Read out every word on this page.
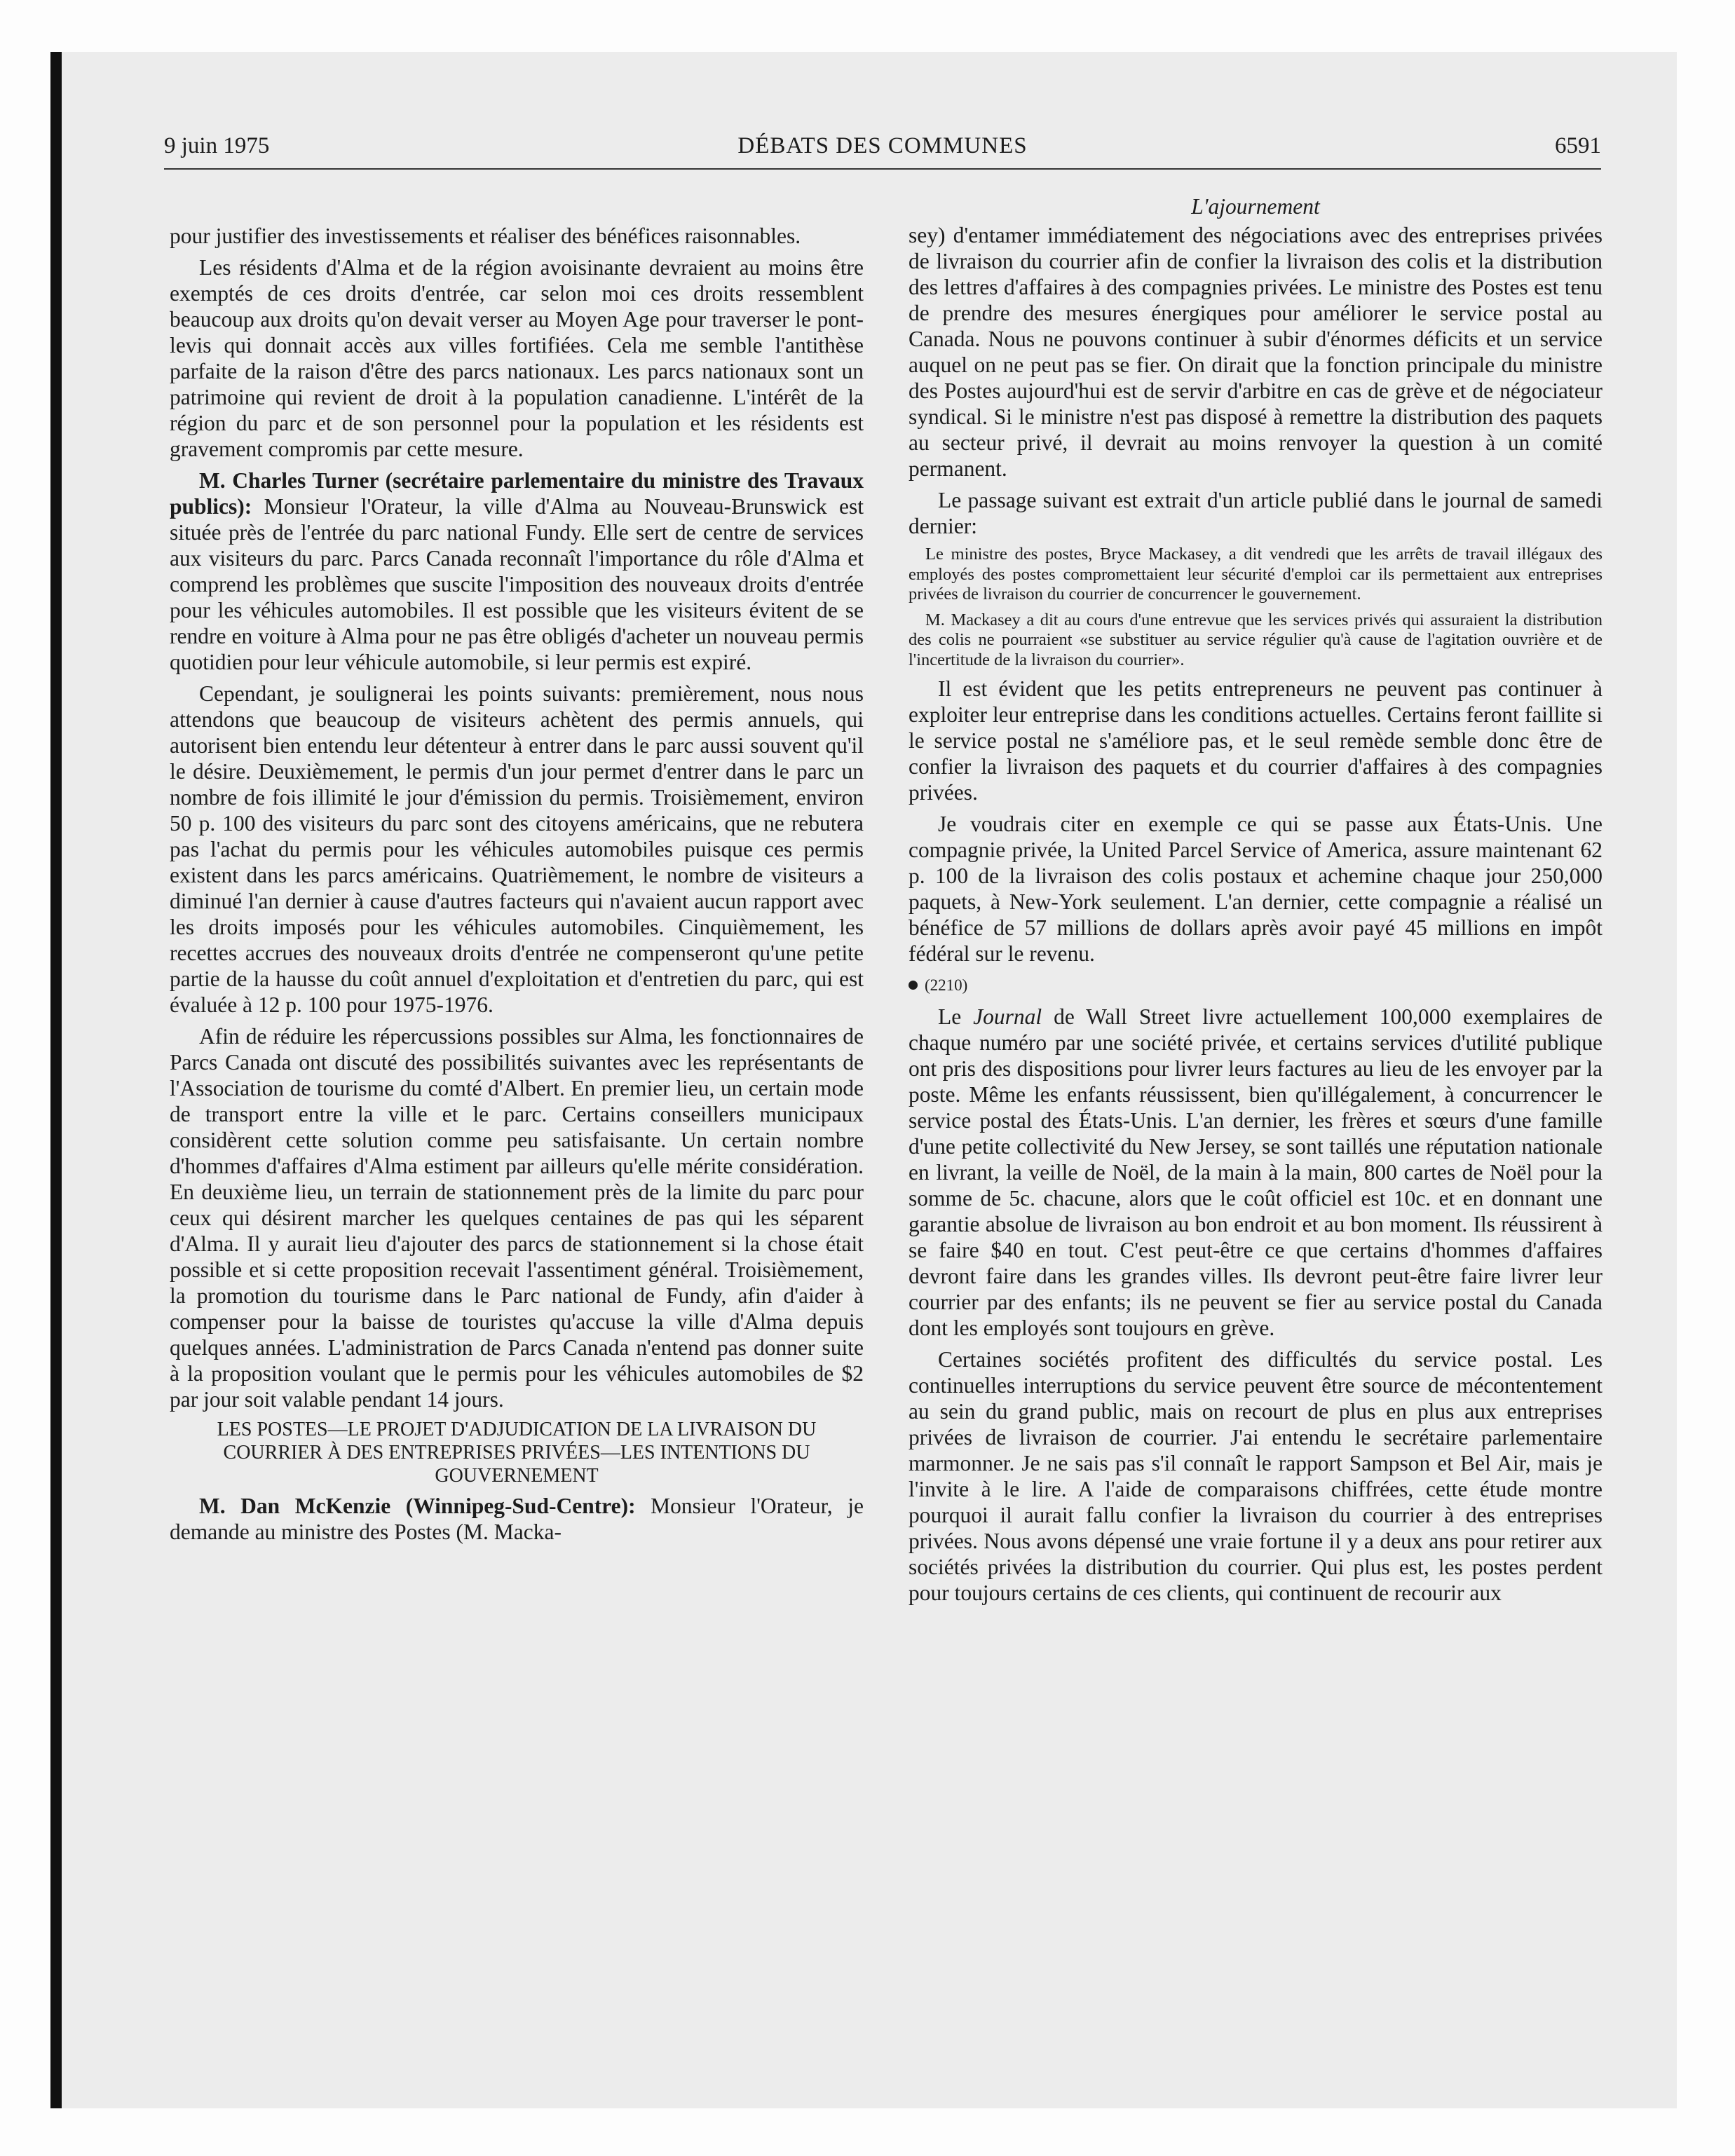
9 juin 1975	DÉBATS DES COMMUNES	6591

pour justifier des investissements et réaliser des bénéfices raisonnables.

Les résidents d'Alma et de la région avoisinante devraient au moins être exemptés de ces droits d'entrée, car selon moi ces droits ressemblent beaucoup aux droits qu'on devait verser au Moyen Age pour traverser le pont-levis qui donnait accès aux villes fortifiées. Cela me semble l'antithèse parfaite de la raison d'être des parcs nationaux. Les parcs nationaux sont un patrimoine qui revient de droit à la population canadienne. L'intérêt de la région du parc et de son personnel pour la population et les résidents est gravement compromis par cette mesure.

M. Charles Turner (secrétaire parlementaire du ministre des Travaux publics): Monsieur l'Orateur, la ville d'Alma au Nouveau-Brunswick est située près de l'entrée du parc national Fundy. Elle sert de centre de services aux visiteurs du parc. Parcs Canada reconnaît l'importance du rôle d'Alma et comprend les problèmes que suscite l'imposition des nouveaux droits d'entrée pour les véhicules automobiles. Il est possible que les visiteurs évitent de se rendre en voiture à Alma pour ne pas être obligés d'acheter un nouveau permis quotidien pour leur véhicule automobile, si leur permis est expiré.

Cependant, je soulignerai les points suivants: premièrement, nous nous attendons que beaucoup de visiteurs achètent des permis annuels, qui autorisent bien entendu leur détenteur à entrer dans le parc aussi souvent qu'il le désire. Deuxièmement, le permis d'un jour permet d'entrer dans le parc un nombre de fois illimité le jour d'émission du permis. Troisièmement, environ 50 p. 100 des visiteurs du parc sont des citoyens américains, que ne rebutera pas l'achat du permis pour les véhicules automobiles puisque ces permis existent dans les parcs américains. Quatrièmement, le nombre de visiteurs a diminué l'an dernier à cause d'autres facteurs qui n'avaient aucun rapport avec les droits imposés pour les véhicules automobiles. Cinquièmement, les recettes accrues des nouveaux droits d'entrée ne compenseront qu'une petite partie de la hausse du coût annuel d'exploitation et d'entretien du parc, qui est évaluée à 12 p. 100 pour 1975-1976.

Afin de réduire les répercussions possibles sur Alma, les fonctionnaires de Parcs Canada ont discuté des possibilités suivantes avec les représentants de l'Association de tourisme du comté d'Albert. En premier lieu, un certain mode de transport entre la ville et le parc. Certains conseillers municipaux considèrent cette solution comme peu satisfaisante. Un certain nombre d'hommes d'affaires d'Alma estiment par ailleurs qu'elle mérite considération. En deuxième lieu, un terrain de stationnement près de la limite du parc pour ceux qui désirent marcher les quelques centaines de pas qui les séparent d'Alma. Il y aurait lieu d'ajouter des parcs de stationnement si la chose était possible et si cette proposition recevait l'assentiment général. Troisièmement, la promotion du tourisme dans le Parc national de Fundy, afin d'aider à compenser pour la baisse de touristes qu'accuse la ville d'Alma depuis quelques années. L'administration de Parcs Canada n'entend pas donner suite à la proposition voulant que le permis pour les véhicules automobiles de $2 par jour soit valable pendant 14 jours.

LES POSTES—LE PROJET D'ADJUDICATION DE LA LIVRAISON DU COURRIER À DES ENTREPRISES PRIVÉES—LES INTENTIONS DU GOUVERNEMENT

M. Dan McKenzie (Winnipeg-Sud-Centre): Monsieur l'Orateur, je demande au ministre des Postes (M. Macka-

L'ajournement

sey) d'entamer immédiatement des négociations avec des entreprises privées de livraison du courrier afin de confier la livraison des colis et la distribution des lettres d'affaires à des compagnies privées. Le ministre des Postes est tenu de prendre des mesures énergiques pour améliorer le service postal au Canada. Nous ne pouvons continuer à subir d'énormes déficits et un service auquel on ne peut pas se fier. On dirait que la fonction principale du ministre des Postes aujourd'hui est de servir d'arbitre en cas de grève et de négociateur syndical. Si le ministre n'est pas disposé à remettre la distribution des paquets au secteur privé, il devrait au moins renvoyer la question à un comité permanent.

Le passage suivant est extrait d'un article publié dans le journal de samedi dernier:

Le ministre des postes, Bryce Mackasey, a dit vendredi que les arrêts de travail illégaux des employés des postes compromettaient leur sécurité d'emploi car ils permettaient aux entreprises privées de livraison du courrier de concurrencer le gouvernement.

M. Mackasey a dit au cours d'une entrevue que les services privés qui assuraient la distribution des colis ne pourraient «se substituer au service régulier qu'à cause de l'agitation ouvrière et de l'incertitude de la livraison du courrier».

Il est évident que les petits entrepreneurs ne peuvent pas continuer à exploiter leur entreprise dans les conditions actuelles. Certains feront faillite si le service postal ne s'améliore pas, et le seul remède semble donc être de confier la livraison des paquets et du courrier d'affaires à des compagnies privées.

Je voudrais citer en exemple ce qui se passe aux États-Unis. Une compagnie privée, la United Parcel Service of America, assure maintenant 62 p. 100 de la livraison des colis postaux et achemine chaque jour 250,000 paquets, à New-York seulement. L'an dernier, cette compagnie a réalisé un bénéfice de 57 millions de dollars après avoir payé 45 millions en impôt fédéral sur le revenu.

(2210)

Le Journal de Wall Street livre actuellement 100,000 exemplaires de chaque numéro par une société privée, et certains services d'utilité publique ont pris des dispositions pour livrer leurs factures au lieu de les envoyer par la poste. Même les enfants réussissent, bien qu'illégalement, à concurrencer le service postal des États-Unis. L'an dernier, les frères et sœurs d'une famille d'une petite collectivité du New Jersey, se sont taillés une réputation nationale en livrant, la veille de Noël, de la main à la main, 800 cartes de Noël pour la somme de 5c. chacune, alors que le coût officiel est 10c. et en donnant une garantie absolue de livraison au bon endroit et au bon moment. Ils réussirent à se faire $40 en tout. C'est peut-être ce que certains d'hommes d'affaires devront faire dans les grandes villes. Ils devront peut-être faire livrer leur courrier par des enfants; ils ne peuvent se fier au service postal du Canada dont les employés sont toujours en grève.

Certaines sociétés profitent des difficultés du service postal. Les continuelles interruptions du service peuvent être source de mécontentement au sein du grand public, mais on recourt de plus en plus aux entreprises privées de livraison de courrier. J'ai entendu le secrétaire parlementaire marmonner. Je ne sais pas s'il connaît le rapport Sampson et Bel Air, mais je l'invite à le lire. A l'aide de comparaisons chiffrées, cette étude montre pourquoi il aurait fallu confier la livraison du courrier à des entreprises privées. Nous avons dépensé une vraie fortune il y a deux ans pour retirer aux sociétés privées la distribution du courrier. Qui plus est, les postes perdent pour toujours certains de ces clients, qui continuent de recourir aux
